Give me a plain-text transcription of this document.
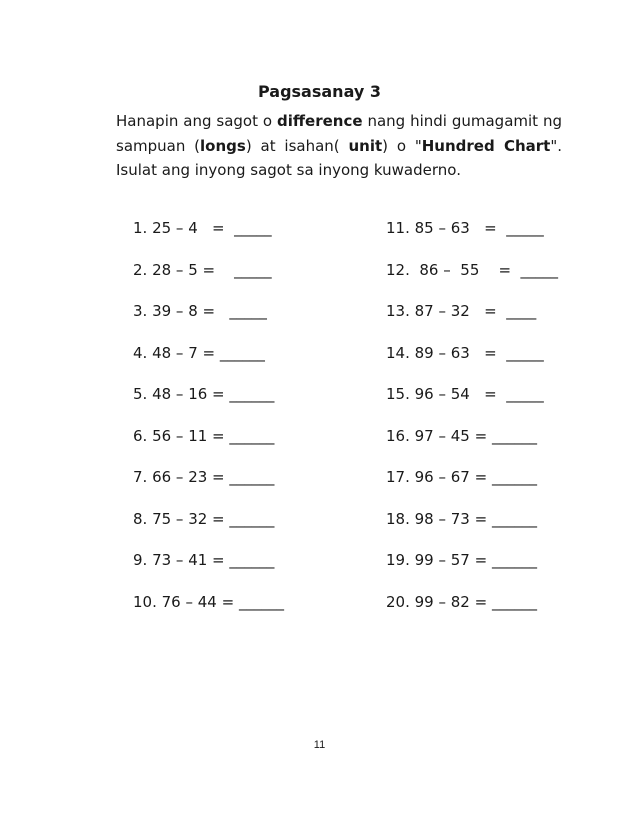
Pagsasanay 3
Hanapin ang sagot o difference nang hindi gumagamit ng sampuan (longs) at isahan( unit) o "Hundred Chart". Isulat ang inyong sagot sa inyong kuwaderno.
1. 25 – 4   =  _____
2. 28 – 5 =    _____
3. 39 – 8 =   _____
4. 48 – 7 = ______
5. 48 – 16 = ______
6. 56 – 11 = ______
7. 66 – 23 = ______
8. 75 – 32 = ______
9. 73 – 41 = ______
10. 76 – 44 = ______
11. 85 – 63   =  _____
12.  86 –  55    =  _____
13. 87 – 32   =  ____
14. 89 – 63   =  _____
15. 96 – 54   =  _____
16. 97 – 45 = ______
17. 96 – 67 = ______
18. 98 – 73 = ______
19. 99 – 57 = ______
20. 99 – 82 = ______
11
